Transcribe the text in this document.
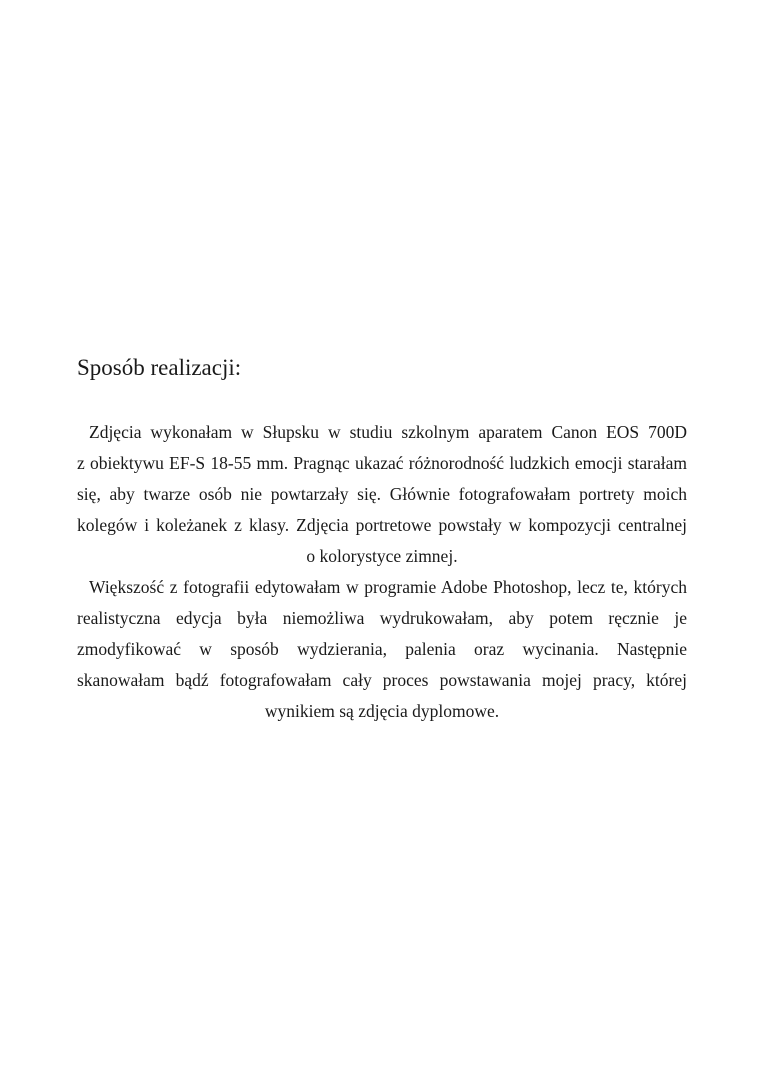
Sposób realizacji:
Zdjęcia wykonałam w Słupsku w studiu szkolnym aparatem Canon EOS 700D
z obiektywu EF-S 18-55 mm. Pragnąc ukazać różnorodność ludzkich emocji starałam
się, aby twarze osób nie powtarzały się. Głównie fotografowałam portrety moich
kolegów i koleżanek z klasy. Zdjęcia portretowe powstały w kompozycji centralnej
o kolorystyce zimnej.
Większość z fotografii edytowałam w programie Adobe Photoshop, lecz te, których
realistyczna edycja była niemożliwa wydrukowałam, aby potem ręcznie je
zmodyfikować w sposób wydzierania, palenia oraz wycinania. Następnie
skanowałam bądź fotografowałam cały proces powstawania mojej pracy, której
wynikiem są zdjęcia dyplomowe.
